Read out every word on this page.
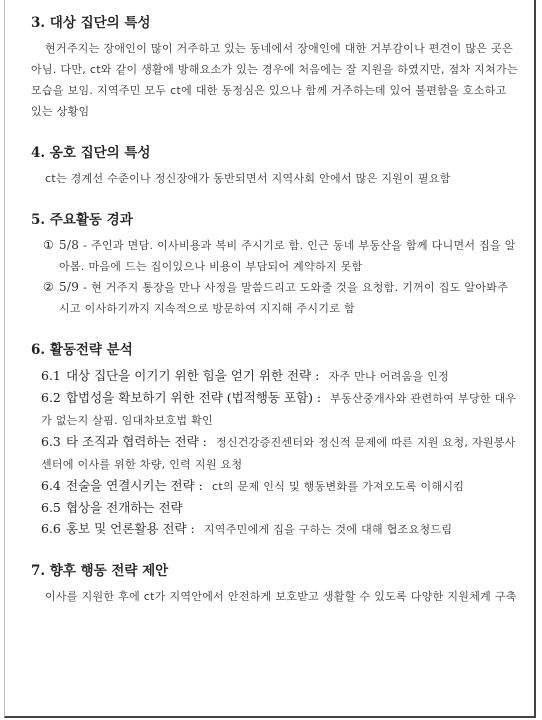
3. 대상 집단의 특성
현거주지는 장애인이 많이 거주하고 있는 동네에서 장애인에 대한 거부감이나 편견이 많은 곳은 아님. 다만, ct와 같이 생활에 방해요소가 있는 경우에 처음에는 잘 지원을 하였지만, 점차 지쳐가는 모습을 보임. 지역주민 모두 ct에 대한 동정심은 있으나 함께 거주하는데 있어 불편함을 호소하고 있는 상황임
4. 옹호 집단의 특성
ct는 경계선 수준이나 정신장애가 동반되면서 지역사회 안에서 많은 지원이 필요함
5. 주요활동 경과
① 5/8 - 주인과 면담. 이사비용과 복비 주시기로 함. 인근 동네 부동산을 함께 다니면서 집을 알아봄. 마음에 드는 집이있으나 비용이 부담되어 계약하지 못함
② 5/9 - 현 거주지 통장을 만나 사정을 말씀드리고 도와줄 것을 요청함. 기꺼이 집도 알아봐주시고 이사하기까지 지속적으로 방문하여 지지해 주시기로 함
6. 활동전략 분석
6.1 대상 집단을 이기기 위한 힘을 얻기 위한 전략 : 자주 만나 어려움을 인정
6.2 합법성을 확보하기 위한 전략 (법적행동 포함) : 부동산중개사와 관련하여 부당한 대우가 없는지 살핌. 임대차보호법 확인
6.3 타 조직과 협력하는 전략 : 정신건강증진센터와 정신적 문제에 따른 지원 요청, 자원봉사센터에 이사를 위한 차량, 인력 지원 요청
6.4 전술을 연결시키는 전략 : ct의 문제 인식 및 행동변화를 가져오도록 이해시킴
6.5 협상을 전개하는 전략
6.6 홍보 및 언론활용 전략 : 지역주민에게 집을 구하는 것에 대해 협조요청드림
7. 향후 행동 전략 제안
이사를 지원한 후에 ct가 지역안에서 안전하게 보호받고 생활할 수 있도록 다양한 지원체계 구축
